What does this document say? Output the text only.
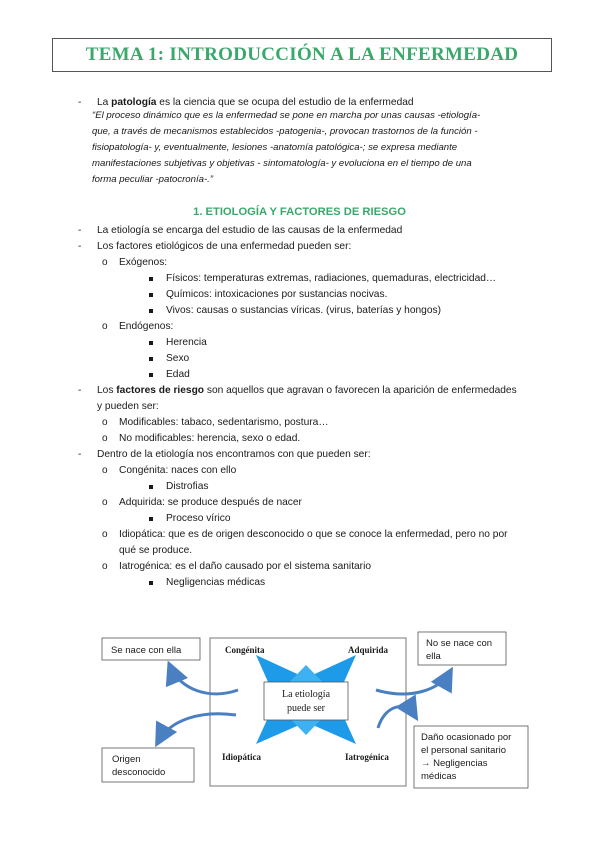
TEMA 1: INTRODUCCIÓN A LA ENFERMEDAD
- La patología es la ciencia que se ocupa del estudio de la enfermedad
“El proceso dinámico que es la enfermedad se pone en marcha por unas causas -etiología-
que, a través de mecanismos establecidos -patogenia-, provocan trastornos de la función -
fisiopatología- y, eventualmente, lesiones -anatomía patológica-; se expresa mediante
manifestaciones subjetivas y objetivas - sintomatología- y evoluciona en el tiempo de una
forma peculiar -patocronía-.”
1. ETIOLOGÍA Y FACTORES DE RIESGO
- La etiología se encarga del estudio de las causas de la enfermedad
- Los factores etiológicos de una enfermedad pueden ser:
o Exógenos:
Físicos: temperaturas extremas, radiaciones, quemaduras, electricidad…
Químicos: intoxicaciones por sustancias nocivas.
Vivos: causas o sustancias víricas. (virus, baterías y hongos)
o Endógenos:
Herencia
Sexo
Edad
- Los factores de riesgo son aquellos que agravan o favorecen la aparición de enfermedades
y pueden ser:
o Modificables: tabaco, sedentarismo, postura…
o No modificables: herencia, sexo o edad.
- Dentro de la etiología nos encontramos con que pueden ser:
o Congénita: naces con ello
Distrofias
o Adquirida: se produce después de nacer
Proceso vírico
o Idiopática: que es de origen desconocido o que se conoce la enfermedad, pero no por
qué se produce.
o Iatrogénica: es el daño causado por el sistema sanitario
Negligencias médicas
La etiología
puede ser
Congénita	Adquirida
Idiopática	Iatrogénica
Se nace con ella
No se nace con
ella
Origen
desconocido
Daño ocasionado por
el personal sanitario
→ Negligencias
médicas
